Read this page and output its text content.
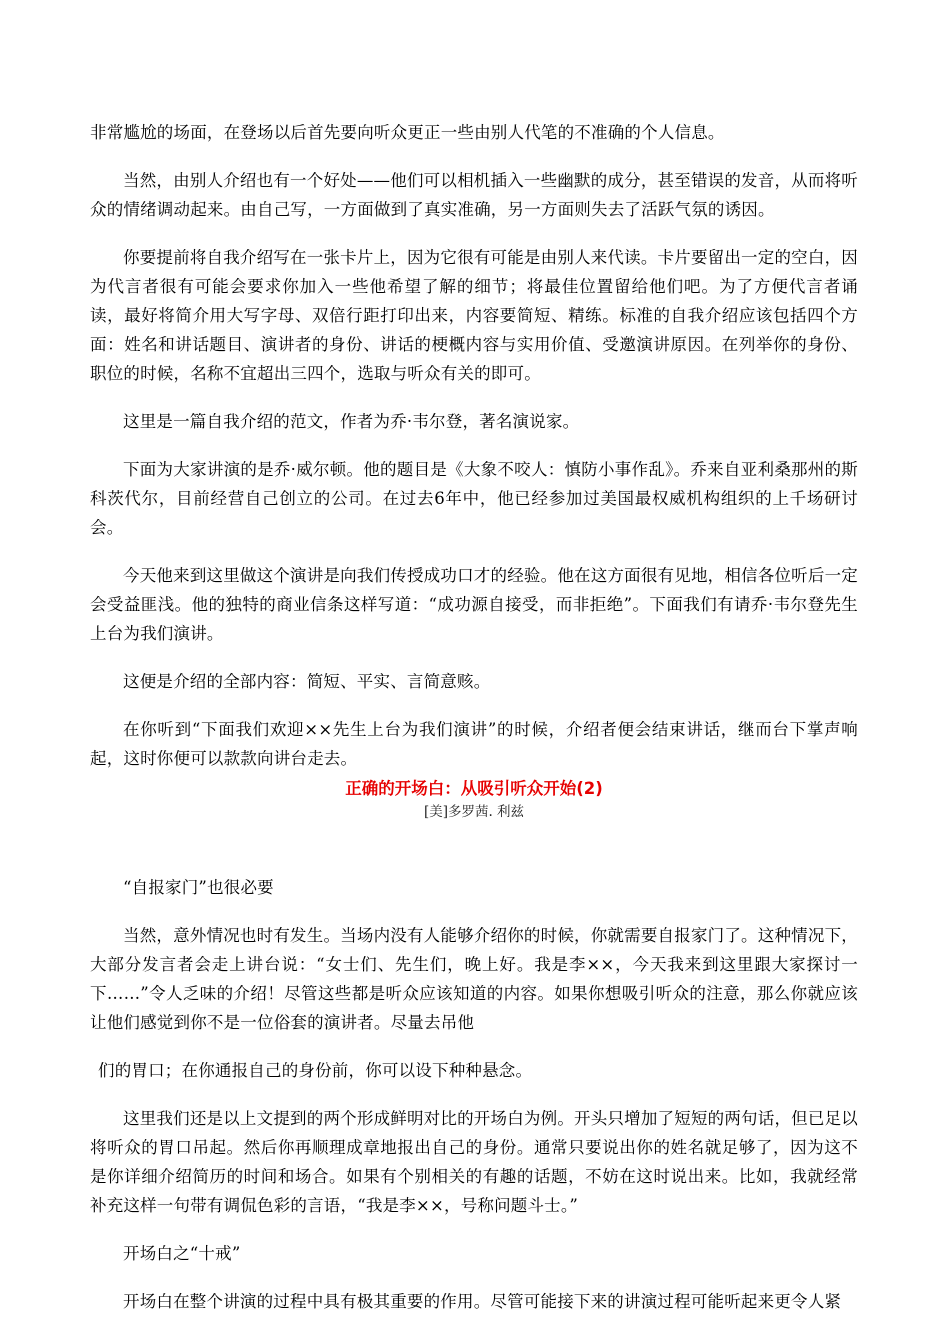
非常尴尬的场面，在登场以后首先要向听众更正一些由别人代笔的不准确的个人信息。

当然，由别人介绍也有一个好处——他们可以相机插入一些幽默的成分，甚至错误的发音，从而将听众的情绪调动起来。由自己写，一方面做到了真实准确，另一方面则失去了活跃气氛的诱因。

你要提前将自我介绍写在一张卡片上，因为它很有可能是由别人来代读。卡片要留出一定的空白，因为代言者很有可能会要求你加入一些他希望了解的细节；将最佳位置留给他们吧。为了方便代言者诵读，最好将简介用大写字母、双倍行距打印出来，内容要简短、精练。标准的自我介绍应该包括四个方面：姓名和讲话题目、演讲者的身份、讲话的梗概内容与实用价值、受邀演讲原因。在列举你的身份、职位的时候，名称不宜超出三四个，选取与听众有关的即可。

这里是一篇自我介绍的范文，作者为乔·韦尔登，著名演说家。

下面为大家讲演的是乔·威尔顿。他的题目是《大象不咬人：慎防小事作乱》。乔来自亚利桑那州的斯科茨代尔，目前经营自己创立的公司。在过去6年中，他已经参加过美国最权威机构组织的上千场研讨会。

今天他来到这里做这个演讲是向我们传授成功口才的经验。他在这方面很有见地，相信各位听后一定会受益匪浅。他的独特的商业信条这样写道：“成功源自接受，而非拒绝”。下面我们有请乔·韦尔登先生上台为我们演讲。

这便是介绍的全部内容：简短、平实、言简意赅。

在你听到“下面我们欢迎××先生上台为我们演讲”的时候，介绍者便会结束讲话，继而台下掌声响起，这时你便可以款款向讲台走去。

正确的开场白：从吸引听众开始(2)
[美]多罗茜. 利兹

“自报家门”也很必要

当然，意外情况也时有发生。当场内没有人能够介绍你的时候，你就需要自报家门了。这种情况下，大部分发言者会走上讲台说：“女士们、先生们，晚上好。我是李××，今天我来到这里跟大家探讨一下……”令人乏味的介绍！尽管这些都是听众应该知道的内容。如果你想吸引听众的注意，那么你就应该让他们感觉到你不是一位俗套的演讲者。尽量去吊他

们的胃口；在你通报自己的身份前，你可以设下种种悬念。

这里我们还是以上文提到的两个形成鲜明对比的开场白为例。开头只增加了短短的两句话，但已足以将听众的胃口吊起。然后你再顺理成章地报出自己的身份。通常只要说出你的姓名就足够了，因为这不是你详细介绍简历的时间和场合。如果有个别相关的有趣的话题，不妨在这时说出来。比如，我就经常补充这样一句带有调侃色彩的言语，“我是李××，号称问题斗士。”

开场白之“十戒”

开场白在整个讲演的过程中具有极其重要的作用。尽管可能接下来的讲演过程可能听起来更令人紧
